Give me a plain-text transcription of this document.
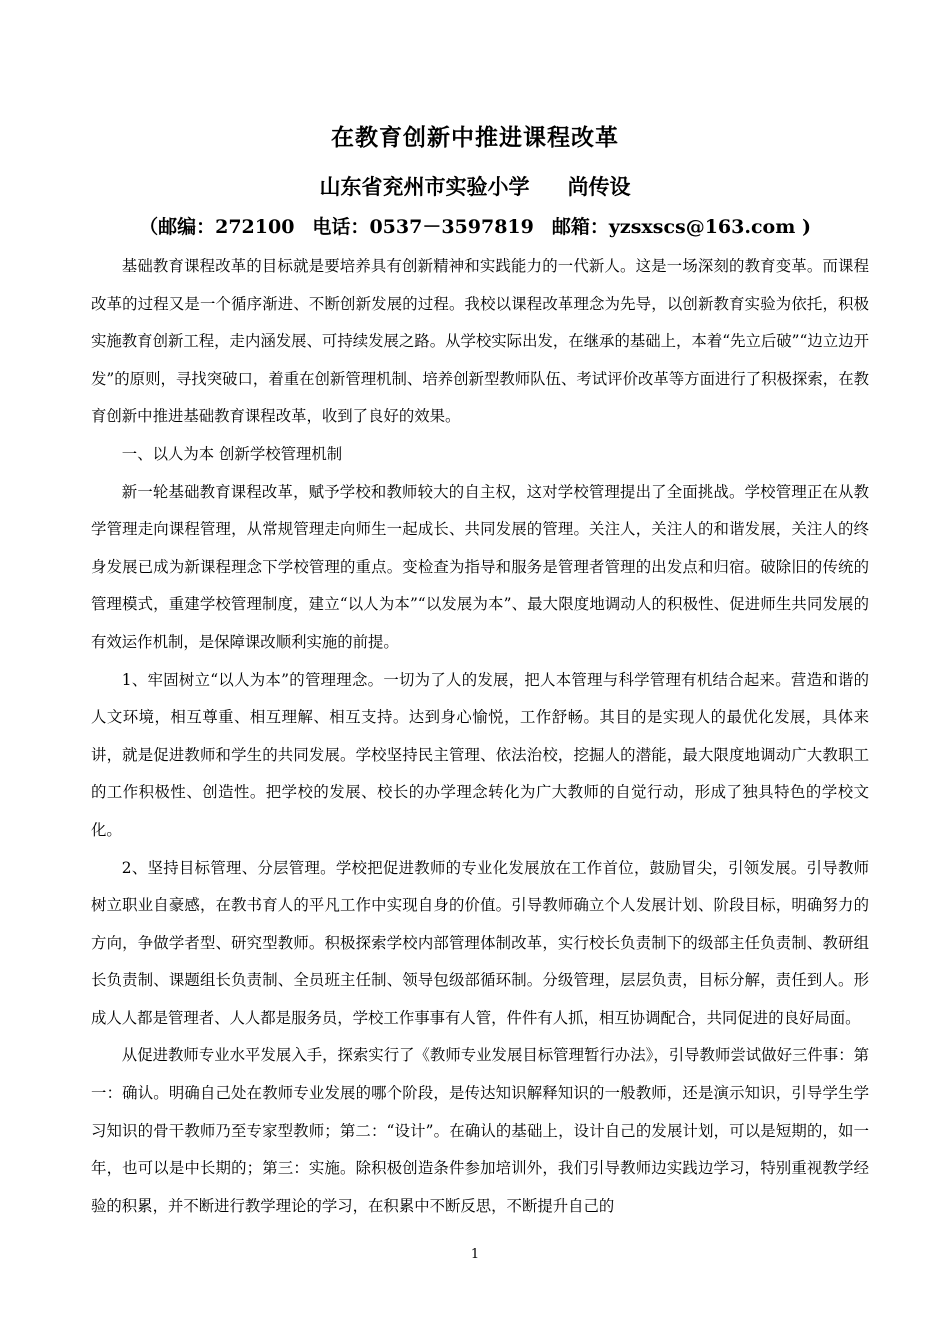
在教育创新中推进课程改革
山东省兖州市实验小学 尚传设
（邮编：272100 电话：0537－3597819 邮箱：yzsxscs@163.com )

基础教育课程改革的目标就是要培养具有创新精神和实践能力的一代新人。这是一场深刻的教育变革。而课程改革的过程又是一个循序渐进、不断创新发展的过程。我校以课程改革理念为先导，以创新教育实验为依托，积极实施教育创新工程，走内涵发展、可持续发展之路。从学校实际出发，在继承的基础上，本着“先立后破”“边立边开发”的原则，寻找突破口，着重在创新管理机制、培养创新型教师队伍、考试评价改革等方面进行了积极探索，在教育创新中推进基础教育课程改革，收到了良好的效果。

一、以人为本 创新学校管理机制

新一轮基础教育课程改革，赋予学校和教师较大的自主权，这对学校管理提出了全面挑战。学校管理正在从教学管理走向课程管理，从常规管理走向师生一起成长、共同发展的管理。关注人，关注人的和谐发展，关注人的终身发展已成为新课程理念下学校管理的重点。变检查为指导和服务是管理者管理的出发点和归宿。破除旧的传统的管理模式，重建学校管理制度，建立“以人为本”“以发展为本”、最大限度地调动人的积极性、促进师生共同发展的有效运作机制，是保障课改顺利实施的前提。

1、牢固树立“以人为本”的管理理念。一切为了人的发展，把人本管理与科学管理有机结合起来。营造和谐的人文环境，相互尊重、相互理解、相互支持。达到身心愉悦，工作舒畅。其目的是实现人的最优化发展，具体来讲，就是促进教师和学生的共同发展。学校坚持民主管理、依法治校，挖掘人的潜能，最大限度地调动广大教职工的工作积极性、创造性。把学校的发展、校长的办学理念转化为广大教师的自觉行动，形成了独具特色的学校文化。

2、坚持目标管理、分层管理。学校把促进教师的专业化发展放在工作首位，鼓励冒尖，引领发展。引导教师树立职业自豪感，在教书育人的平凡工作中实现自身的价值。引导教师确立个人发展计划、阶段目标，明确努力的方向，争做学者型、研究型教师。积极探索学校内部管理体制改革，实行校长负责制下的级部主任负责制、教研组长负责制、课题组长负责制、全员班主任制、领导包级部循环制。分级管理，层层负责，目标分解，责任到人。形成人人都是管理者、人人都是服务员，学校工作事事有人管，件件有人抓，相互协调配合，共同促进的良好局面。

从促进教师专业水平发展入手，探索实行了《教师专业发展目标管理暂行办法》，引导教师尝试做好三件事：第一：确认。明确自己处在教师专业发展的哪个阶段，是传达知识解释知识的一般教师，还是演示知识，引导学生学习知识的骨干教师乃至专家型教师；第二：“设计”。在确认的基础上，设计自己的发展计划，可以是短期的，如一年，也可以是中长期的；第三：实施。除积极创造条件参加培训外，我们引导教师边实践边学习，特别重视教学经验的积累，并不断进行教学理论的学习，在积累中不断反思，不断提升自己的

1
